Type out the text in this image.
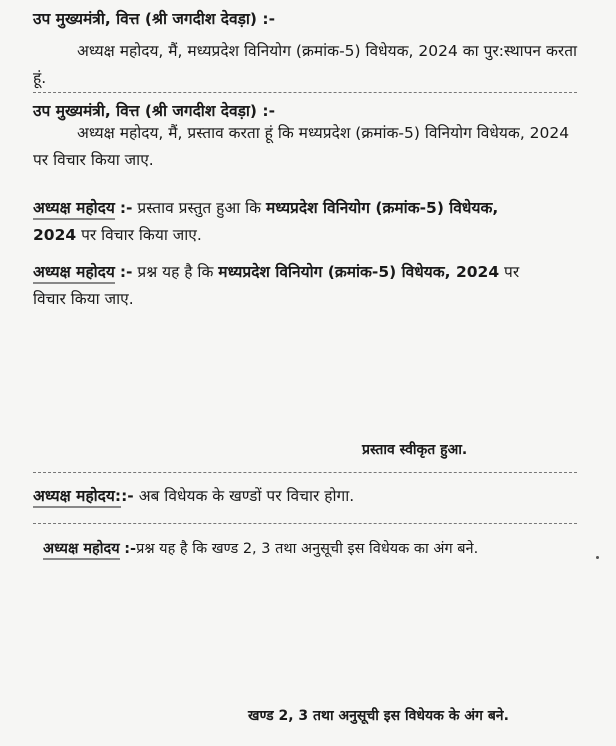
उप मुख्यमंत्री, वित्त (श्री जगदीश देवड़ा) :-
अध्यक्ष महोदय, मैं, मध्यप्रदेश विनियोग (क्रमांक-5) विधेयक, 2024 का पुर:स्थापन करता हूं.
उप मुख्यमंत्री, वित्त (श्री जगदीश देवड़ा) :-
अध्यक्ष महोदय, मैं, प्रस्ताव करता हूं कि मध्यप्रदेश (क्रमांक-5) विनियोग विधेयक, 2024 पर विचार किया जाए.
अध्यक्ष महोदय :- प्रस्ताव प्रस्तुत हुआ कि मध्यप्रदेश विनियोग (क्रमांक-5) विधेयक,
2024 पर विचार किया जाए.
अध्यक्ष महोदय :- प्रश्न यह है कि मध्यप्रदेश विनियोग (क्रमांक-5) विधेयक, 2024 पर
विचार किया जाए.
प्रस्ताव स्वीकृत हुआ.
अध्यक्ष महोदय::- अब विधेयक के खण्डों पर विचार होगा.
अध्यक्ष महोदय :-प्रश्न यह है कि खण्ड 2, 3 तथा अनुसूची इस विधेयक का अंग बने.
खण्ड 2, 3 तथा अनुसूची इस विधेयक के अंग बने.
